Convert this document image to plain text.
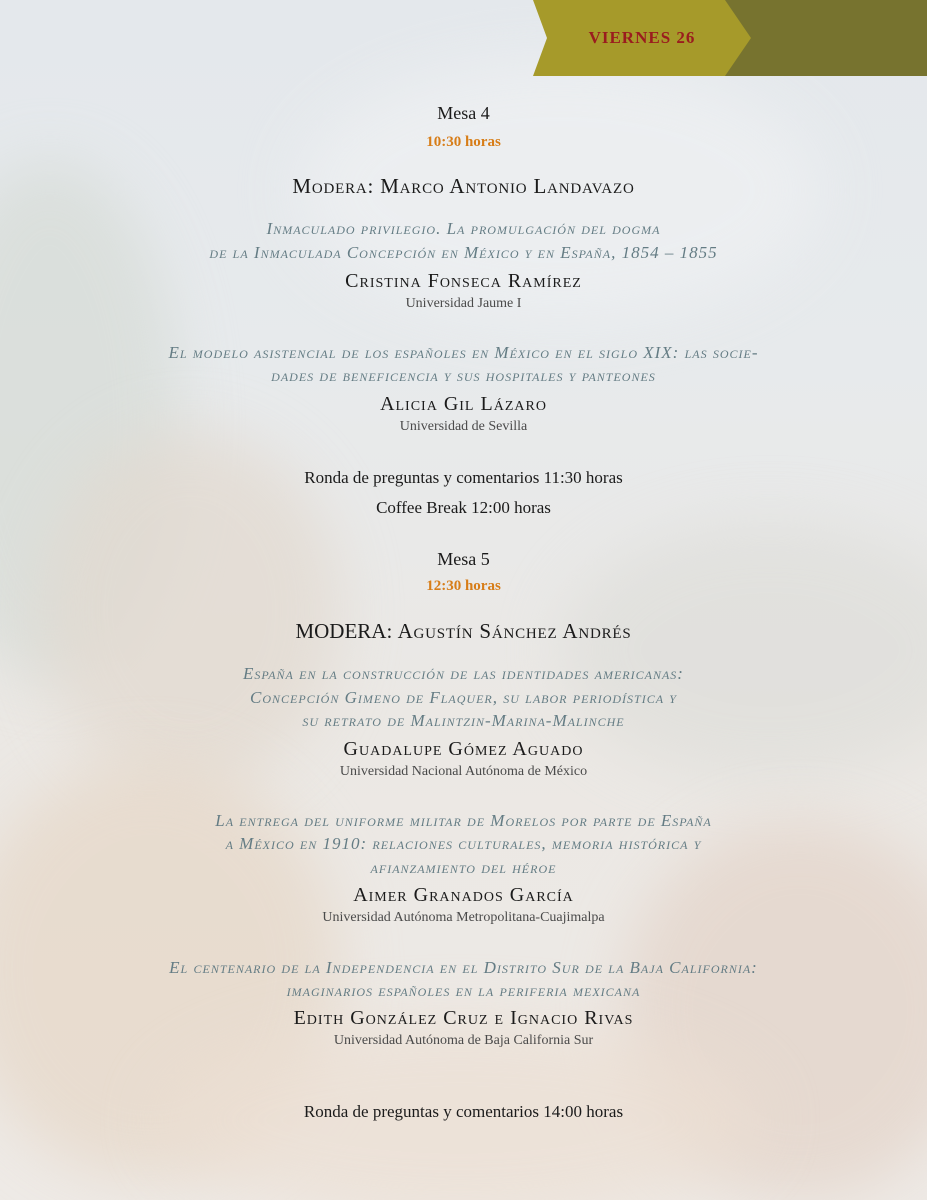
VIERNES 26
Mesa 4
10:30 horas
Modera: Marco Antonio Landavazo
Inmaculado privilegio. La promulgación del dogma
de la Inmaculada Concepción en México y en España, 1854 – 1855
Cristina Fonseca Ramírez
Universidad Jaume I
El modelo asistencial de los españoles en México en el siglo XIX: las socie-
dades de beneficencia y sus hospitales y panteones
Alicia Gil Lázaro
Universidad de Sevilla
Ronda de preguntas y comentarios 11:30 horas
Coffee Break 12:00 horas
Mesa 5
12:30 horas
MODERA: Agustín Sánchez Andrés
España en la construcción de las identidades americanas:
Concepción Gimeno de Flaquer, su labor periodística y
su retrato de Malintzin-Marina-Malinche
Guadalupe Gómez Aguado
Universidad Nacional Autónoma de México
La entrega del uniforme militar de Morelos por parte de España
a México en 1910: relaciones culturales, memoria histórica y
afianzamiento del héroe
Aimer Granados García
Universidad Autónoma Metropolitana-Cuajimalpa
El centenario de la Independencia en el Distrito Sur de la Baja California:
imaginarios españoles en la periferia mexicana
Edith González Cruz e Ignacio Rivas
Universidad Autónoma de Baja California Sur
Ronda de preguntas y comentarios 14:00 horas
